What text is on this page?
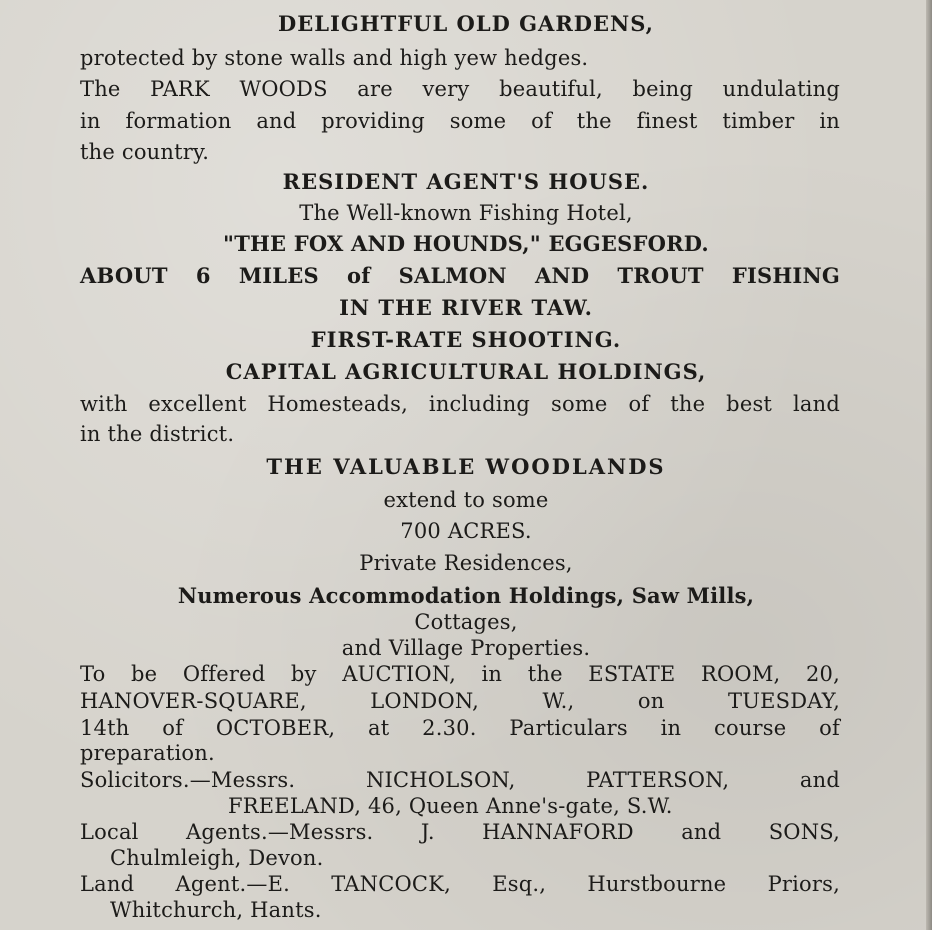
DELIGHTFUL OLD GARDENS,

protected by stone walls and high yew hedges.

The PARK WOODS are very beautiful, being undulating

in formation and providing some of the finest timber in

the country.

RESIDENT AGENT'S HOUSE.

The Well-known Fishing Hotel,

"THE FOX AND HOUNDS," EGGESFORD.

ABOUT 6 MILES of SALMON AND TROUT FISHING

IN THE RIVER TAW.

FIRST-RATE SHOOTING.

CAPITAL AGRICULTURAL HOLDINGS,

with excellent Homesteads, including some of the best land

in the district.

THE VALUABLE WOODLANDS

extend to some

700 ACRES.

Private Residences,

Numerous Accommodation Holdings, Saw Mills,

Cottages,

and Village Properties.

To be Offered by AUCTION, in the ESTATE ROOM, 20,

HANOVER-SQUARE, LONDON, W., on TUESDAY,

14th of OCTOBER, at 2.30. Particulars in course of

preparation.

Solicitors.—Messrs. NICHOLSON, PATTERSON, and

FREELAND, 46, Queen Anne's-gate, S.W.

Local Agents.—Messrs. J. HANNAFORD and SONS,

Chulmleigh, Devon.

Land Agent.—E. TANCOCK, Esq., Hurstbourne Priors,

Whitchurch, Hants.
